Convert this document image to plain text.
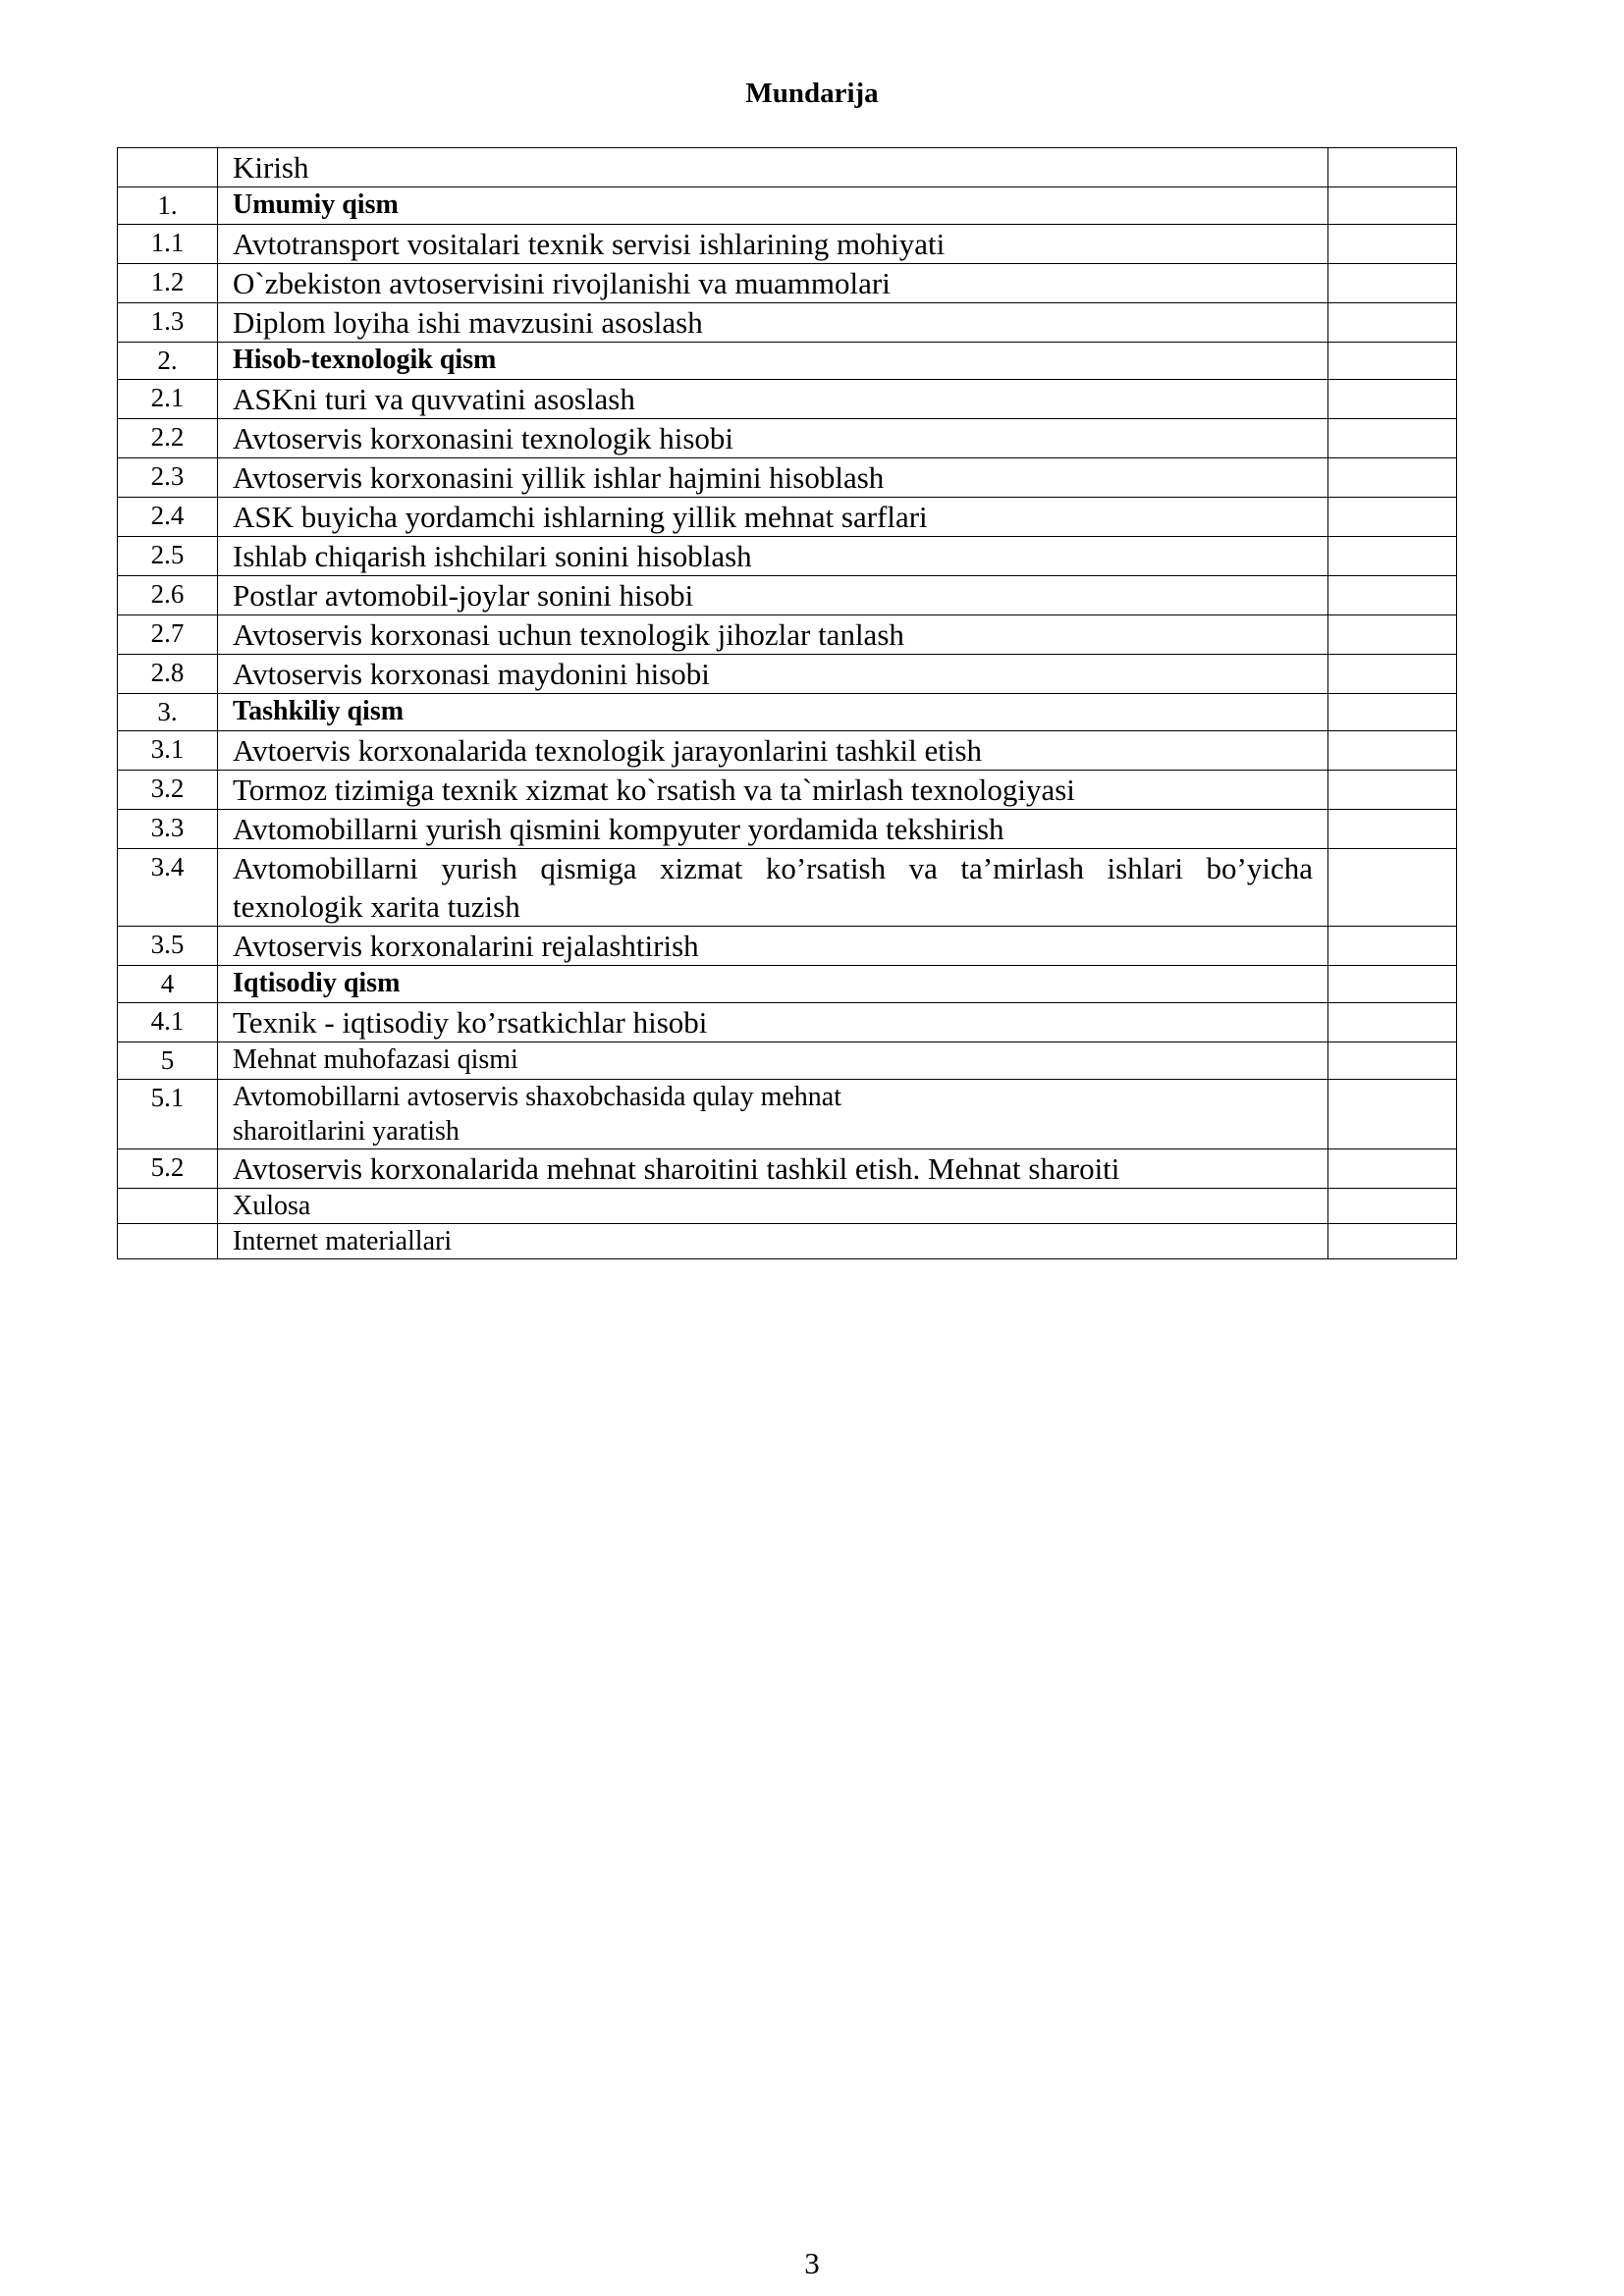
Mundarija
	Kirish	
1.	Umumiy qism	
1.1	Avtotransport vositalari texnik servisi ishlarining mohiyati	
1.2	O`zbekiston avtoservisini rivojlanishi va muammolari	
1.3	Diplom loyiha ishi mavzusini asoslash	
2.	Hisob-texnologik qism	
2.1	ASKni turi va quvvatini asoslash	
2.2	Avtoservis korxonasini texnologik hisobi	
2.3	Avtoservis korxonasini yillik ishlar hajmini hisoblash	
2.4	ASK buyicha yordamchi ishlarning yillik mehnat sarflari	
2.5	Ishlab chiqarish ishchilari sonini hisoblash	
2.6	Postlar avtomobil-joylar sonini hisobi	
2.7	Avtoservis korxonasi uchun texnologik jihozlar tanlash	
2.8	Avtoservis korxonasi maydonini hisobi	
3.	Tashkiliy qism	
3.1	Avtoervis korxonalarida texnologik jarayonlarini tashkil etish	
3.2	Tormoz tizimiga texnik xizmat ko`rsatish va ta`mirlash texnologiyasi	
3.3	Avtomobillarni yurish qismini kompyuter yordamida tekshirish	
3.4	Avtomobillarni yurish qismiga xizmat ko’rsatish va ta’mirlash ishlari bo’yicha texnologik xarita tuzish	
3.5	Avtoservis korxonalarini rejalashtirish	
4	Iqtisodiy qism	
4.1	Texnik - iqtisodiy ko’rsatkichlar hisobi	
5	Mehnat muhofazasi qismi	
5.1	Avtomobillarni avtoservis shaxobchasida qulay mehnat
sharoitlarini yaratish	
5.2	Avtoservis korxonalarida mehnat sharoitini tashkil etish. Mehnat sharoiti	
	Xulosa	
	Internet materiallari	
3
